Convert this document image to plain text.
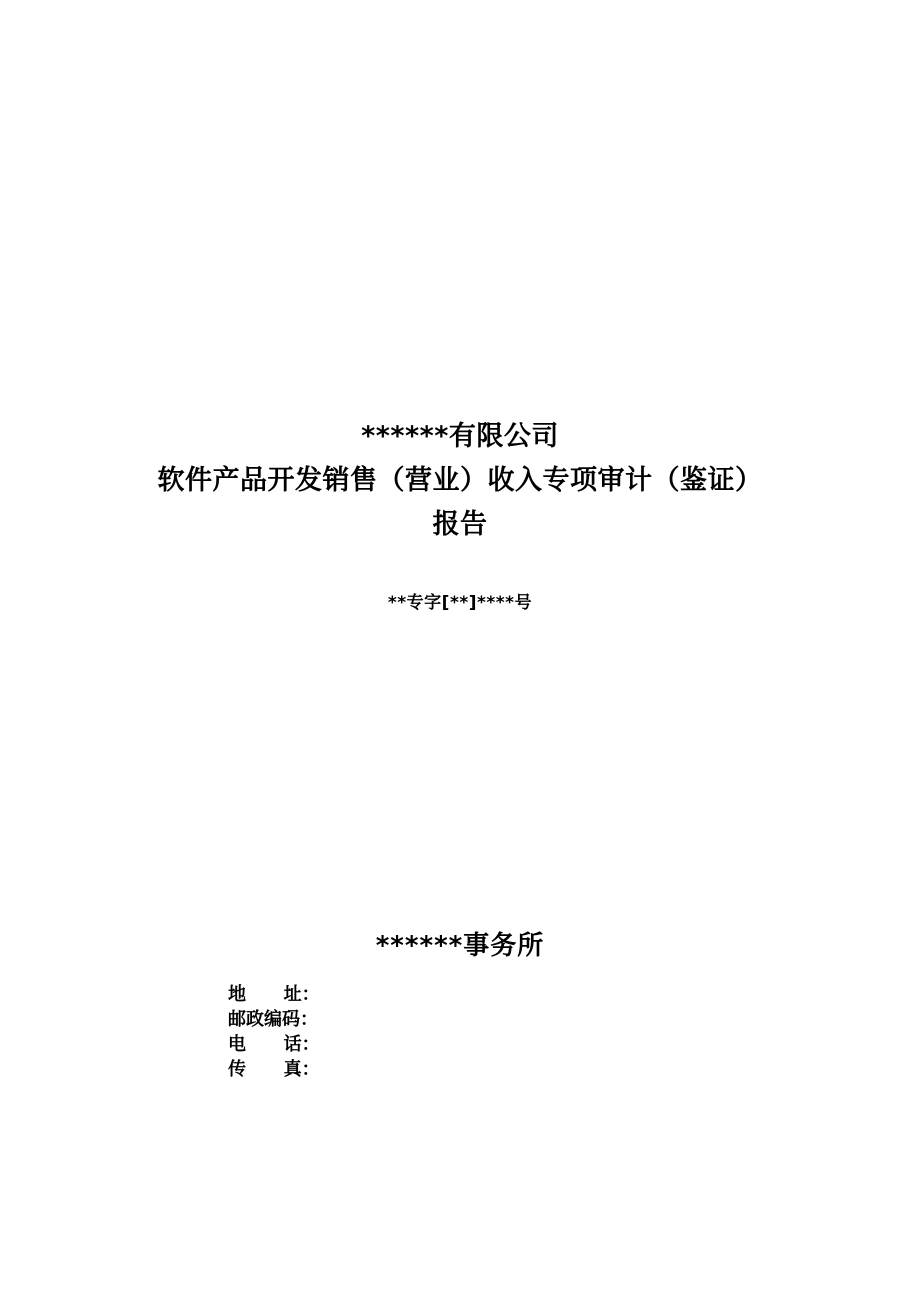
******有限公司
软件产品开发销售（营业）收入专项审计（鉴证）
报告
**专字[**]****号
******事务所
地      址：
邮政编码：
电      话：
传      真：
